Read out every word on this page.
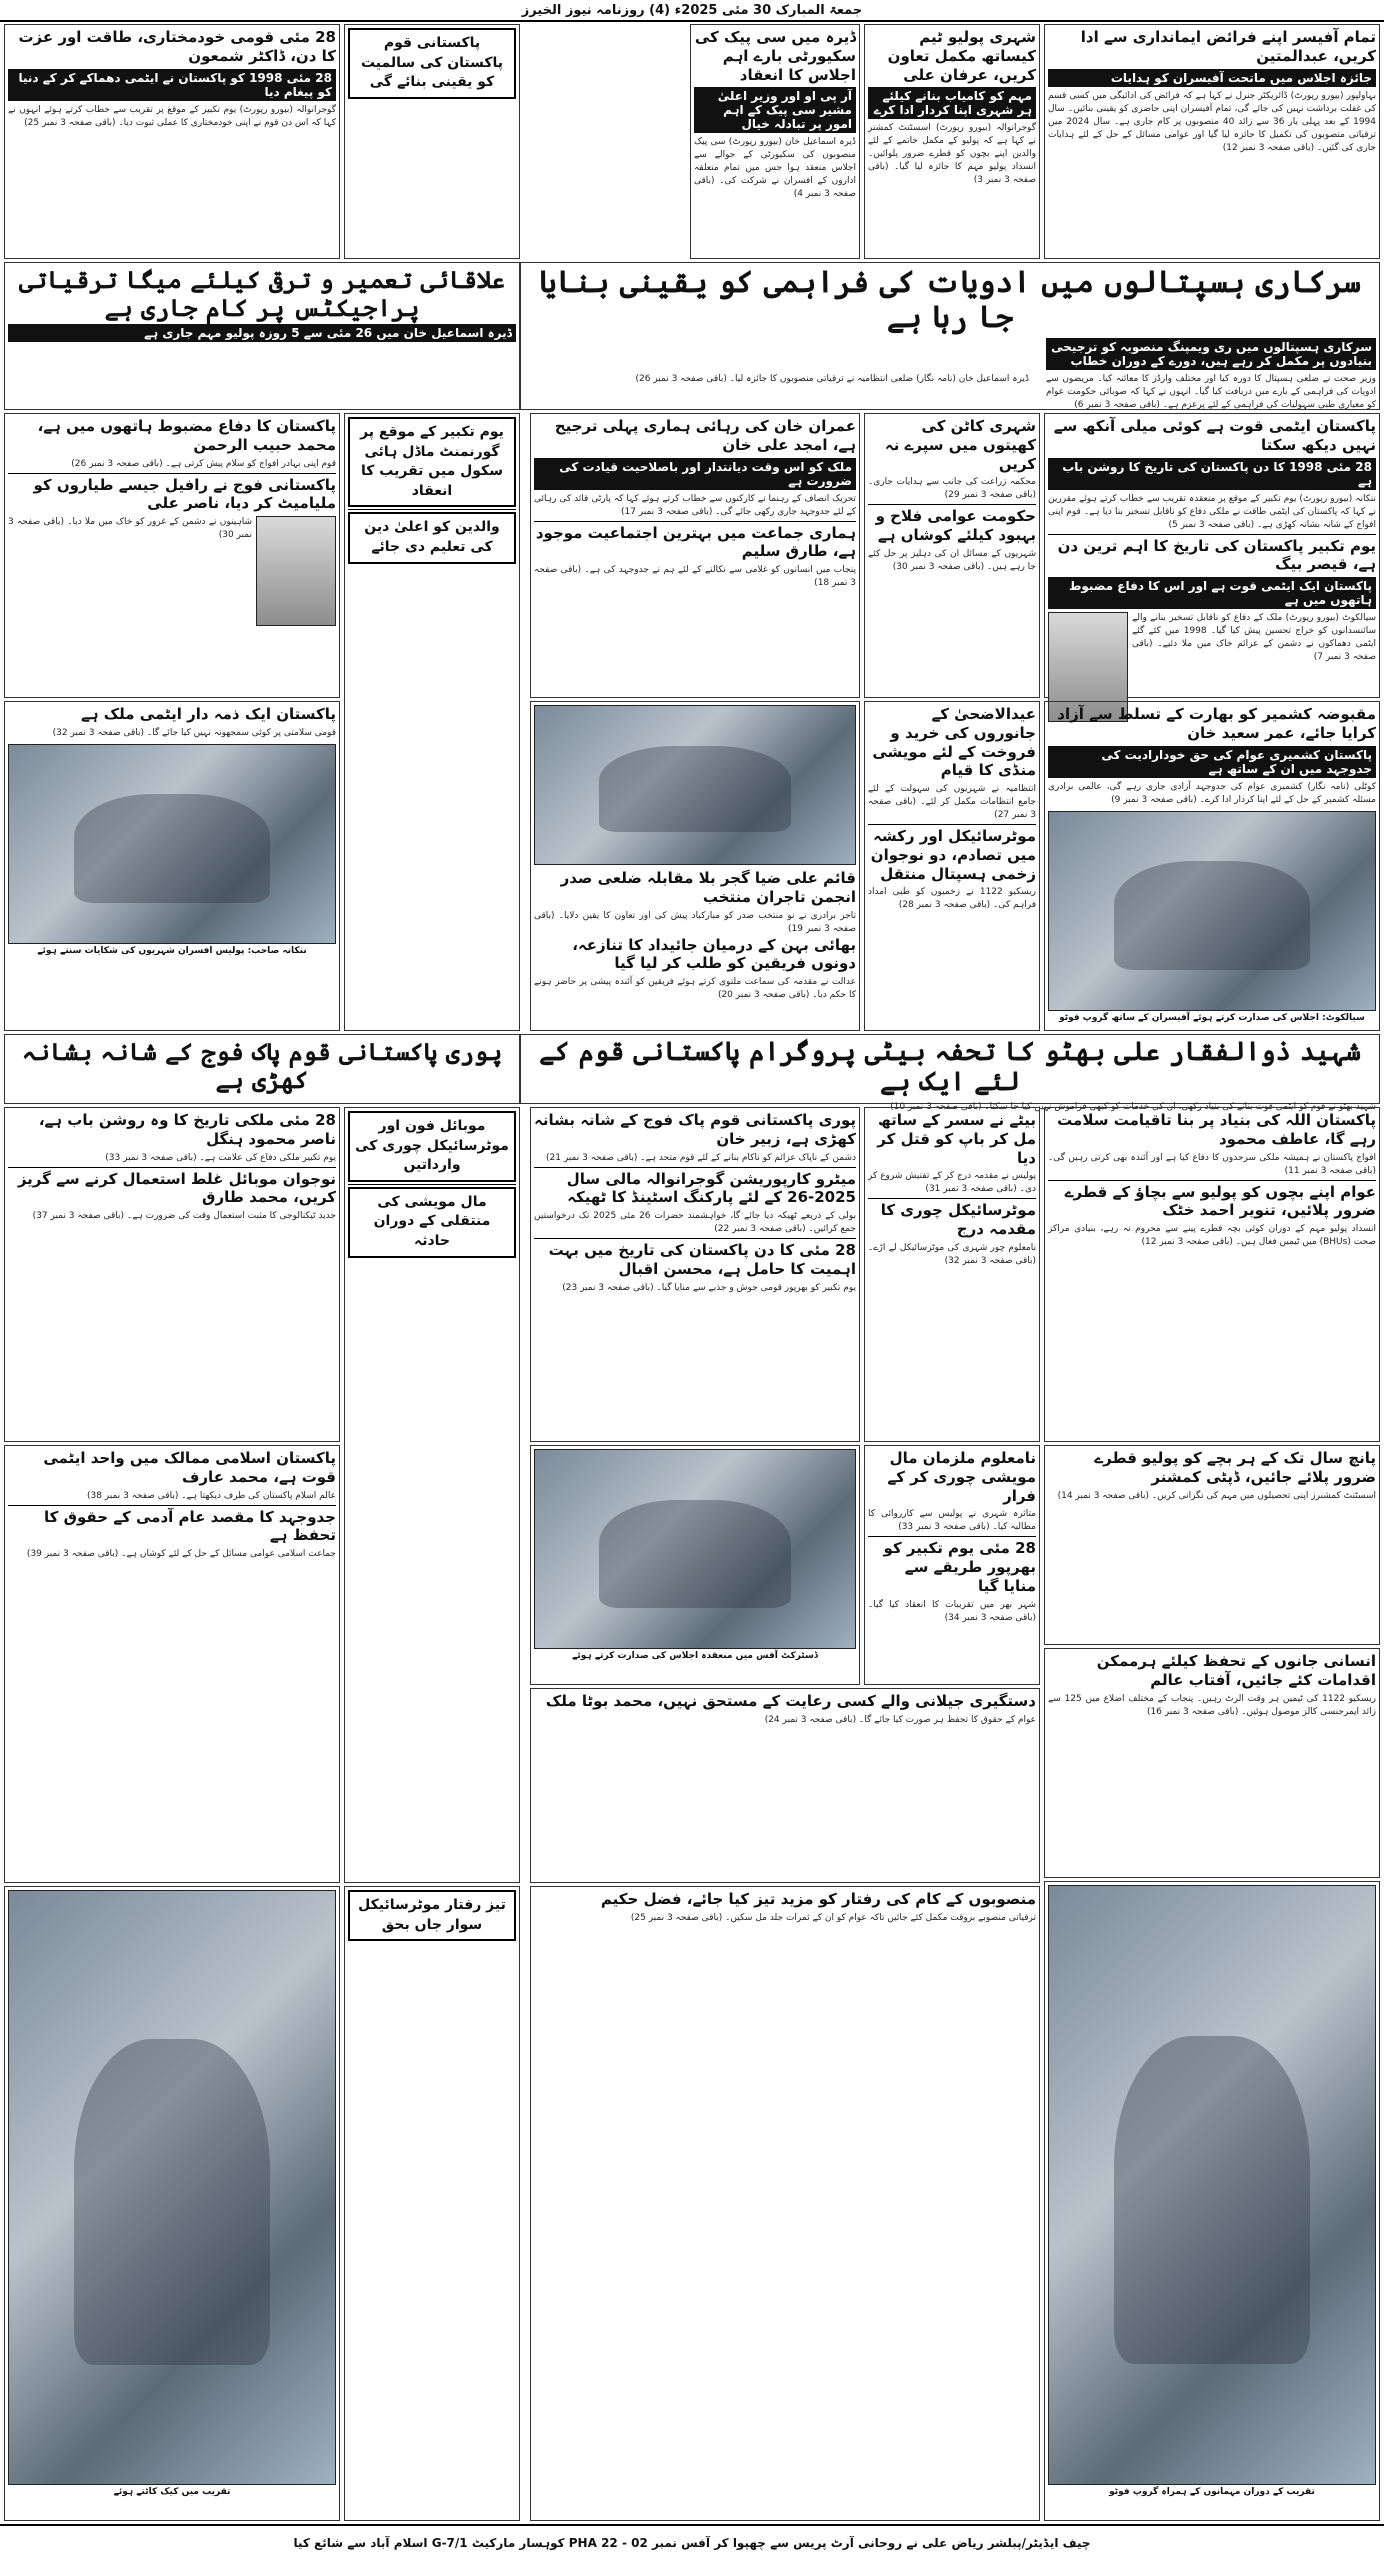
جمعۃ المبارک 30 مئی 2025ء (4) روزنامہ نیوز الخیرز
تمام آفیسر اپنے فرائض ایمانداری سے ادا کریں، عبدالمتین
جائزہ اجلاس میں ماتحت آفیسران کو ہدایات
بہاولپور (بیورو رپورٹ) ڈائریکٹر جنرل نے کہا ہے کہ فرائض کی ادائیگی میں کسی قسم کی غفلت برداشت نہیں کی جائے گی، تمام آفیسران اپنی حاضری کو یقینی بنائیں۔ سال 1994 کے بعد پہلی بار 36 سے زائد 40 منصوبوں پر کام جاری ہے۔ سال 2024 میں ترقیاتی منصوبوں کی تکمیل کا جائزہ لیا گیا اور عوامی مسائل کے حل کے لئے ہدایات جاری کی گئیں۔ (باقی صفحہ 3 نمبر 12)
سرکاری ہسپتالوں میں ادویات کی فراہمی کو یقینی بنایا جا رہا ہے
سرکاری ہسپتالوں میں ری ویمپنگ منصوبہ کو ترجیحی بنیادوں پر مکمل کر رہے ہیں، دورے کے دوران خطاب
وزیر صحت نے ضلعی ہسپتال کا دورہ کیا اور مختلف وارڈز کا معائنہ کیا۔ مریضوں سے ادویات کی فراہمی کے بارے میں دریافت کیا گیا۔ انہوں نے کہا کہ صوبائی حکومت عوام کو معیاری طبی سہولیات کی فراہمی کے لئے پرعزم ہے۔ (باقی صفحہ 3 نمبر 6)
ڈیرہ اسماعیل خان (نامہ نگار) ضلعی انتظامیہ نے ترقیاتی منصوبوں کا جائزہ لیا۔ (باقی صفحہ 3 نمبر 26)
پاکستان ایٹمی قوت ہے کوئی میلی آنکھ سے نہیں دیکھ سکتا
28 مئی 1998 کا دن پاکستان کی تاریخ کا روشن باب ہے
ننکانہ (بیورو رپورٹ) یوم تکبیر کے موقع پر منعقدہ تقریب سے خطاب کرتے ہوئے مقررین نے کہا کہ پاکستان کی ایٹمی طاقت نے ملکی دفاع کو ناقابل تسخیر بنا دیا ہے۔ قوم اپنی افواج کے شانہ بشانہ کھڑی ہے۔ (باقی صفحہ 3 نمبر 5)
یوم تکبیر پاکستان کی تاریخ کا اہم ترین دن ہے، قیصر بیگ
پاکستان ایک ایٹمی قوت ہے اور اس کا دفاع مضبوط ہاتھوں میں ہے
سیالکوٹ (بیورو رپورٹ) ملک کے دفاع کو ناقابل تسخیر بنانے والے سائنسدانوں کو خراج تحسین پیش کیا گیا۔ 1998 میں کئے گئے ایٹمی دھماکوں نے دشمن کے عزائم خاک میں ملا دئیے۔ (باقی صفحہ 3 نمبر 7)
مقبوضہ کشمیر کو بھارت کے تسلط سے آزاد کرایا جائے، عمر سعید خان
پاکستان کشمیری عوام کی حق خودارادیت کی جدوجہد میں ان کے ساتھ ہے
کوٹلی (نامہ نگار) کشمیری عوام کی جدوجہد آزادی جاری رہے گی، عالمی برادری مسئلہ کشمیر کے حل کے لئے اپنا کردار ادا کرے۔ (باقی صفحہ 3 نمبر 9)
سیالکوٹ: اجلاس کی صدارت کرتے ہوئے آفیسران کے ساتھ گروپ فوٹو
شہید ذوالفقار علی بھٹو کا تحفہ بیٹی پروگرام پاکستانی قوم کے لئے ایک ہے
شہید بھٹو نے قوم کو ایٹمی قوت بنانے کی بنیاد رکھی، ان کی خدمات کو کبھی فراموش نہیں کیا جا سکتا۔ (باقی صفحہ 3 نمبر 10)
پاکستان اللہ کی بنیاد پر بنا تاقیامت سلامت رہے گا، عاطف محمود
افواج پاکستان نے ہمیشہ ملکی سرحدوں کا دفاع کیا ہے اور آئندہ بھی کرتی رہیں گی۔ (باقی صفحہ 3 نمبر 11)
عوام اپنے بچوں کو پولیو سے بچاؤ کے قطرے ضرور پلائیں، تنویر احمد خٹک
انسداد پولیو مہم کے دوران کوئی بچہ قطرے پینے سے محروم نہ رہے، بنیادی مراکز صحت (BHUs) میں ٹیمیں فعال ہیں۔ (باقی صفحہ 3 نمبر 12)
پانچ سال تک کے ہر بچے کو پولیو قطرے ضرور پلائے جائیں، ڈپٹی کمشنر
اسسٹنٹ کمشنرز اپنی تحصیلوں میں مہم کی نگرانی کریں۔ (باقی صفحہ 3 نمبر 14)
انسانی جانوں کے تحفظ کیلئے ہرممکن اقدامات کئے جائیں، آفتاب عالم
ریسکیو 1122 کی ٹیمیں ہر وقت الرٹ رہیں۔ پنجاب کے مختلف اضلاع میں 125 سے زائد ایمرجنسی کالز موصول ہوئیں۔ (باقی صفحہ 3 نمبر 16)
تقریب کے دوران مہمانوں کے ہمراہ گروپ فوٹو
شہری پولیو ٹیم کیساتھ مکمل تعاون کریں، عرفان علی
مہم کو کامیاب بنانے کیلئے ہر شہری اپنا کردار ادا کرے
گوجرانوالہ (بیورو رپورٹ) اسسٹنٹ کمشنر نے کہا ہے کہ پولیو کے مکمل خاتمے کے لئے والدین اپنے بچوں کو قطرے ضرور پلوائیں۔ انسداد پولیو مہم کا جائزہ لیا گیا۔ (باقی صفحہ 3 نمبر 3)
ڈیرہ میں سی پیک کی سکیورٹی بارے اہم اجلاس کا انعقاد
آر پی او اور وزیر اعلیٰ مشیر سی پیک کے اہم امور پر تبادلہ خیال
ڈیرہ اسماعیل خان (بیورو رپورٹ) سی پیک منصوبوں کی سکیورٹی کے حوالے سے اجلاس منعقد ہوا جس میں تمام متعلقہ اداروں کے افسران نے شرکت کی۔ (باقی صفحہ 3 نمبر 4)
شہری کاٹن کی کھیتوں میں سپرے نہ کریں
محکمہ زراعت کی جانب سے ہدایات جاری۔ (باقی صفحہ 3 نمبر 29)
حکومت عوامی فلاح و بہبود کیلئے کوشاں ہے
شہریوں کے مسائل ان کی دہلیز پر حل کئے جا رہے ہیں۔ (باقی صفحہ 3 نمبر 30)
عمران خان کی رہائی ہماری پہلی ترجیح ہے، امجد علی خان
ملک کو اس وقت دیانتدار اور باصلاحیت قیادت کی ضرورت ہے
تحریک انصاف کے رہنما نے کارکنوں سے خطاب کرتے ہوئے کہا کہ پارٹی قائد کی رہائی کے لئے جدوجہد جاری رکھی جائے گی۔ (باقی صفحہ 3 نمبر 17)
ہماری جماعت میں بہترین اجتماعیت موجود ہے، طارق سلیم
پنجاب میں انسانوں کو غلامی سے نکالنے کے لئے ہم نے جدوجہد کی ہے۔ (باقی صفحہ 3 نمبر 18)
قائم علی ضیا گجر بلا مقابلہ ضلعی صدر انجمن تاجران منتخب
تاجر برادری نے نو منتخب صدر کو مبارکباد پیش کی اور تعاون کا یقین دلایا۔ (باقی صفحہ 3 نمبر 19)
بھائی بہن کے درمیان جائیداد کا تنازعہ، دونوں فریقین کو طلب کر لیا گیا
عدالت نے مقدمہ کی سماعت ملتوی کرتے ہوئے فریقین کو آئندہ پیشی پر حاضر ہونے کا حکم دیا۔ (باقی صفحہ 3 نمبر 20)
عیدالاضحیٰ کے جانوروں کی خرید و فروخت کے لئے مویشی منڈی کا قیام
انتظامیہ نے شہریوں کی سہولت کے لئے جامع انتظامات مکمل کر لئے۔ (باقی صفحہ 3 نمبر 27)
موٹرسائیکل اور رکشہ میں تصادم، دو نوجوان زخمی ہسپتال منتقل
ریسکیو 1122 نے زخمیوں کو طبی امداد فراہم کی۔ (باقی صفحہ 3 نمبر 28)
بیٹے نے سسر کے ساتھ مل کر باپ کو قتل کر دیا
پولیس نے مقدمہ درج کر کے تفتیش شروع کر دی۔ (باقی صفحہ 3 نمبر 31)
موٹرسائیکل چوری کا مقدمہ درج
نامعلوم چور شہری کی موٹرسائیکل لے اڑے۔ (باقی صفحہ 3 نمبر 32)
پوری پاکستانی قوم پاک فوج کے شانہ بشانہ کھڑی ہے، زبیر خان
دشمن کے ناپاک عزائم کو ناکام بنانے کے لئے قوم متحد ہے۔ (باقی صفحہ 3 نمبر 21)
میٹرو کارپوریشن گوجرانوالہ مالی سال 2025-26 کے لئے پارکنگ اسٹینڈ کا ٹھیکہ
بولی کے ذریعے ٹھیکہ دیا جائے گا، خواہشمند حضرات 26 مئی 2025 تک درخواستیں جمع کرائیں۔ (باقی صفحہ 3 نمبر 22)
28 مئی کا دن پاکستان کی تاریخ میں بہت اہمیت کا حامل ہے، محسن اقبال
یوم تکبیر کو بھرپور قومی جوش و جذبے سے منایا گیا۔ (باقی صفحہ 3 نمبر 23)
ڈسٹرکٹ آفس میں منعقدہ اجلاس کی صدارت کرتے ہوئے
نامعلوم ملزمان مال مویشی چوری کر کے فرار
متاثرہ شہری نے پولیس سے کارروائی کا مطالبہ کیا۔ (باقی صفحہ 3 نمبر 33)
28 مئی یوم تکبیر کو بھرپور طریقے سے منایا گیا
شہر بھر میں تقریبات کا انعقاد کیا گیا۔ (باقی صفحہ 3 نمبر 34)
دستگیری جیلانی والے کسی رعایت کے مستحق نہیں، محمد بوٹا ملک
عوام کے حقوق کا تحفظ ہر صورت کیا جائے گا۔ (باقی صفحہ 3 نمبر 24)
منصوبوں کے کام کی رفتار کو مزید تیز کیا جائے، فضل حکیم
ترقیاتی منصوبے بروقت مکمل کئے جائیں تاکہ عوام کو ان کے ثمرات جلد مل سکیں۔ (باقی صفحہ 3 نمبر 25)
28 مئی قومی خودمختاری، طاقت اور عزت کا دن، ڈاکٹر شمعون
28 مئی 1998 کو پاکستان نے ایٹمی دھماکے کر کے دنیا کو پیغام دیا
گوجرانوالہ (بیورو رپورٹ) یوم تکبیر کے موقع پر تقریب سے خطاب کرتے ہوئے انہوں نے کہا کہ اس دن قوم نے اپنی خودمختاری کا عملی ثبوت دیا۔ (باقی صفحہ 3 نمبر 25)
علاقائی تعمیر و ترقی کیلئے میگا ترقیاتی پراجیکٹس پر کام جاری ہے
ڈیرہ اسماعیل خان میں 26 مئی سے 5 روزہ پولیو مہم جاری ہے
پاکستان کا دفاع مضبوط ہاتھوں میں ہے، محمد حبیب الرحمن
قوم اپنی بہادر افواج کو سلام پیش کرتی ہے۔ (باقی صفحہ 3 نمبر 26)
پاکستانی فوج نے رافیل جیسے طیاروں کو ملیامیٹ کر دیا، ناصر علی
شاہینوں نے دشمن کے غرور کو خاک میں ملا دیا۔ (باقی صفحہ 3 نمبر 30)
پاکستان ایک ذمہ دار ایٹمی ملک ہے
قومی سلامتی پر کوئی سمجھوتہ نہیں کیا جائے گا۔ (باقی صفحہ 3 نمبر 32)
ننکانہ صاحب: پولیس افسران شہریوں کی شکایات سنتے ہوئے
پاکستانی قوم پاکستان کی سالمیت کو یقینی بنائے گی
یوم تکبیر کے موقع پر گورنمنٹ ماڈل ہائی سکول میں تقریب کا انعقاد
والدین کو اعلیٰ دین کی تعلیم دی جائے
پوری پاکستانی قوم پاک فوج کے شانہ بشانہ کھڑی ہے
28 مئی ملکی تاریخ کا وہ روشن باب ہے، ناصر محمود ہنگل
یوم تکبیر ملکی دفاع کی علامت ہے۔ (باقی صفحہ 3 نمبر 33)
نوجوان موبائل غلط استعمال کرنے سے گریز کریں، محمد طارق
جدید ٹیکنالوجی کا مثبت استعمال وقت کی ضرورت ہے۔ (باقی صفحہ 3 نمبر 37)
پاکستان اسلامی ممالک میں واحد ایٹمی قوت ہے، محمد عارف
عالم اسلام پاکستان کی طرف دیکھتا ہے۔ (باقی صفحہ 3 نمبر 38)
جدوجہد کا مقصد عام آدمی کے حقوق کا تحفظ ہے
جماعت اسلامی عوامی مسائل کے حل کے لئے کوشاں ہے۔ (باقی صفحہ 3 نمبر 39)
موبائل فون اور موٹرسائیکل چوری کی وارداتیں
مال مویشی کی منتقلی کے دوران حادثہ
تقریب میں کیک کاٹتے ہوئے
تیز رفتار موٹرسائیکل سوار جاں بحق
چیف ایڈیٹر/پبلشر ریاض علی نے روحانی آرٹ پریس سے چھپوا کر آفس نمبر PHA 22 - 02 کوہسار مارکیٹ G-7/1 اسلام آباد سے شائع کیا
